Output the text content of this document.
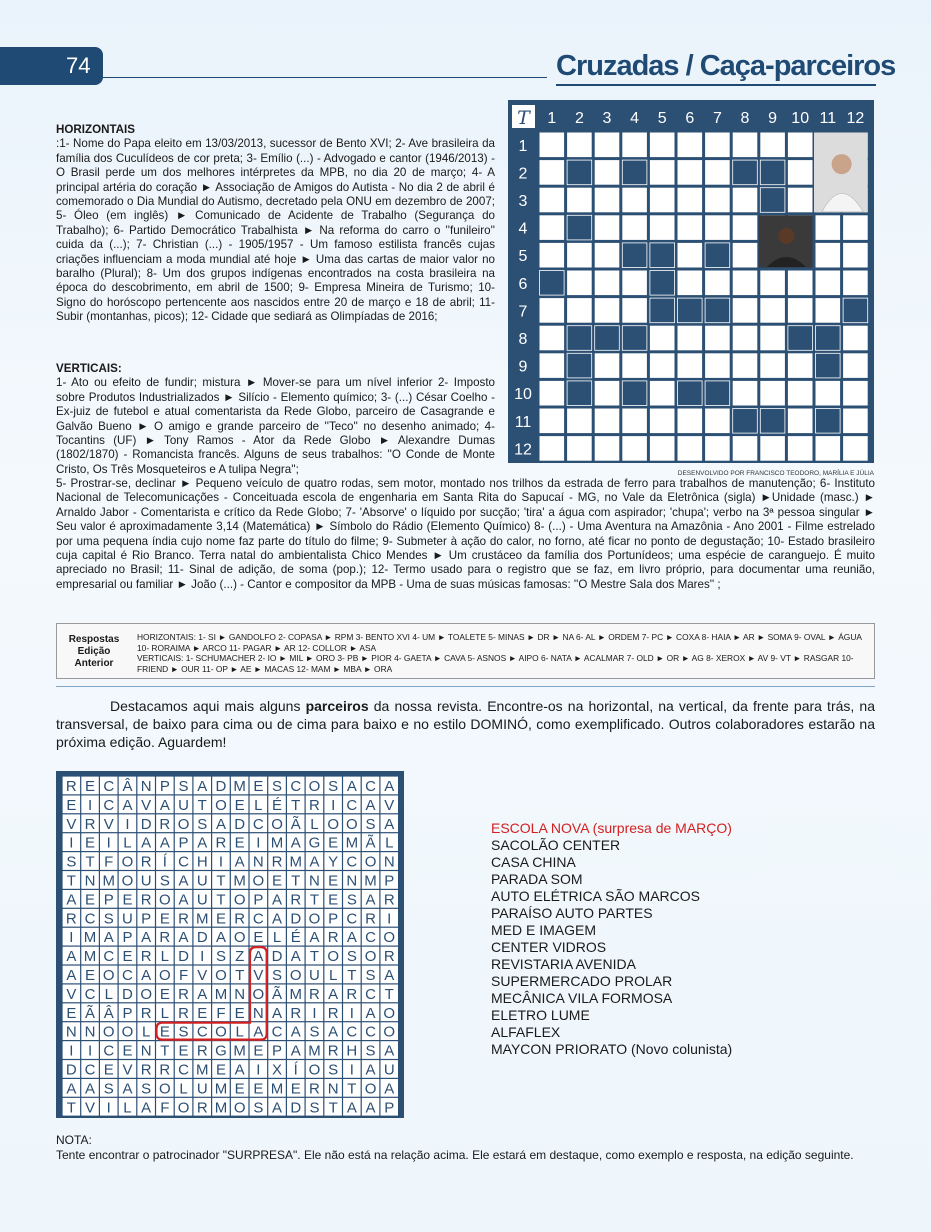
74	Cruzadas / Caça-parceiros
HORIZONTAIS
:1- Nome do Papa eleito em 13/03/2013, sucessor de Bento XVI; 2- Ave brasileira da família dos Cuculídeos de cor preta; 3- Emílio (...) - Advogado e cantor (1946/2013) - O Brasil perde um dos melhores intérpretes da MPB, no dia 20 de março; 4- A principal artéria do coração ► Associação de Amigos do Autista - No dia 2 de abril é comemorado o Dia Mundial do Autismo, decretado pela ONU em dezembro de 2007; 5- Óleo (em inglês) ► Comunicado de Acidente de Trabalho (Segurança do Trabalho); 6- Partido Democrático Trabalhista ► Na reforma do carro o ''funileiro'' cuida da (...); 7- Christian (...) - 1905/1957 - Um famoso estilista francês cujas criações influenciam a moda mundial até hoje ► Uma das cartas de maior valor no baralho (Plural); 8- Um dos grupos indígenas encontrados na costa brasileira na época do descobrimento, em abril de 1500; 9- Empresa Mineira de Turismo; 10- Signo do horóscopo pertencente aos nascidos entre 20 de março e 18 de abril; 11- Subir (montanhas, picos); 12- Cidade que sediará as Olimpíadas de 2016;
VERTICAIS:
1- Ato ou efeito de fundir; mistura ► Mover-se para um nível inferior 2- Imposto sobre Produtos Industrializados ► Silício - Elemento químico; 3- (...) César Coelho - Ex-juiz de futebol e atual comentarista da Rede Globo, parceiro de Casagrande e Galvão Bueno ► O amigo e grande parceiro de ''Teco'' no desenho animado; 4- Tocantins (UF) ► Tony Ramos - Ator da Rede Globo ► Alexandre Dumas (1802/1870) - Romancista francês. Alguns de seus trabalhos: ''O Conde de Monte Cristo, Os Três Mosqueteiros e A tulipa Negra'';
5- Prostrar-se, declinar ► Pequeno veículo de quatro rodas, sem motor, montado nos trilhos da estrada de ferro para trabalhos de manutenção; 6- Instituto Nacional de Telecomunicações - Conceituada escola de engenharia em Santa Rita do Sapucaí - MG, no Vale da Eletrônica (sigla) ►Unidade (masc.) ► Arnaldo Jabor - Comentarista e crítico da Rede Globo; 7- 'Absorve' o líquido por sucção; 'tira' a água com aspirador; 'chupa'; verbo na 3ª pessoa singular ► Seu valor é aproximadamente 3,14 (Matemática) ► Símbolo do Rádio (Elemento Químico) 8- (...) - Uma Aventura na Amazônia - Ano 2001 - Filme estrelado por uma pequena índia cujo nome faz parte do título do filme; 9- Submeter à ação do calor, no forno, até ficar no ponto de degustação; 10- Estado brasileiro cuja capital é Rio Branco. Terra natal do ambientalista Chico Mendes ► Um crustáceo da família dos Portunídeos; uma espécie de caranguejo. É muito apreciado no Brasil; 11- Sinal de adição, de soma (pop.); 12- Termo usado para o registro que se faz, em livro próprio, para documentar uma reunião, empresarial ou familiar ► João (...) - Cantor e compositor da MPB - Uma de suas músicas famosas: ''O Mestre Sala dos Mares'' ;
T 1 2 3 4 5 6 7 8 9 10 11 12
1
2
3
4
5
6
7
8
9
10
11
12
DESENVOLVIDO POR FRANCISCO TEODORO, MARÍLIA E JÚLIA
Respostas Edição Anterior
HORIZONTAIS: 1- SI ► GANDOLFO 2- COPASA ► RPM 3- BENTO XVI 4- UM ► TOALETE 5- MINAS ► DR ► NA 6- AL ► ORDEM 7- PC ► COXA 8- HAIA ► AR ► SOMA 9- OVAL ► ÁGUA 10- RORAIMA ► ARCO 11- PAGAR ► AR 12- COLLOR ► ASA
VERTICAIS: 1- SCHUMACHER 2- IO ► MIL ► ORO 3- PB ► PIOR 4- GAETA ► CAVA 5- ASNOS ► AIPO 6- NATA ► ACALMAR 7- OLD ► OR ► AG 8- XEROX ► AV 9- VT ► RASGAR 10- FRIEND ► OUR 11- OP ► AE ► MACAS 12- MAM ► MBA ► ORA
Destacamos aqui mais alguns parceiros da nossa revista. Encontre-os na horizontal, na vertical, da frente para trás, na transversal, de baixo para cima ou de cima para baixo e no estilo DOMINÓ, como exemplificado. Outros colaboradores estarão na próxima edição. Aguardem!
R E C Â N P S A D M E S C O S A C A
E I C A V A U T O E L É T R I C A V
V R V I D R O S A D C O Ã L O O S A
I E I L A A P A R E I M A G E M Ã L
S T F O R Í C H I A N R M A Y C O N
T N M O U S A U T M O E T N E N M P
A E P E R O A U T O P A R T E S A R
R C S U P E R M E R C A D O P C R I
I M A P A R A D A O E L É A R A C O
A M C E R L D I S Z A D A T O S O R
A E O C A O F V O T V S O U L T S A
V C L D O E R A M N O Ã M R A R C T
E Ã Â P R L R E F E N A R I R I A O
N N O O L E S C O L A C A S A C C O
I I C E N T E R G M E P A M R H S A
D C E V R R C M E A I X Í O S I A U
A A S A S O L U M E E M E R N T O A
T V I L A F O R M O S A D S T A A P
ESCOLA NOVA (surpresa de MARÇO)
SACOLÃO CENTER
CASA CHINA
PARADA SOM
AUTO ELÉTRICA SÃO MARCOS
PARAÍSO AUTO PARTES
MED E IMAGEM
CENTER VIDROS
REVISTARIA AVENIDA
SUPERMERCADO PROLAR
MECÂNICA VILA FORMOSA
ELETRO LUME
ALFAFLEX
MAYCON PRIORATO (Novo colunista)
NOTA:
Tente encontrar o patrocinador "SURPRESA". Ele não está na relação acima. Ele estará em destaque, como exemplo e resposta, na edição seguinte.
